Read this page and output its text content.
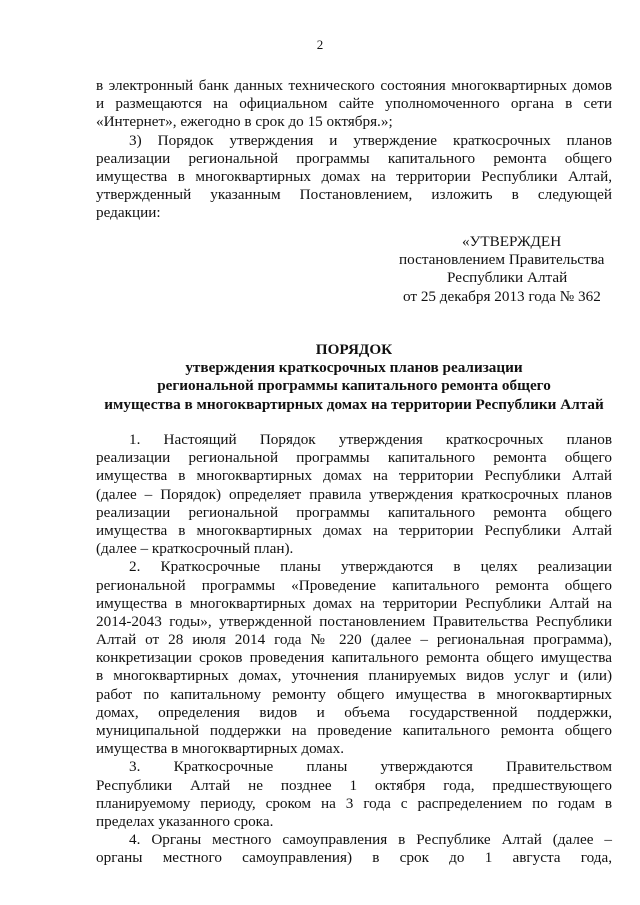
2
в электронный банк данных технического состояния многоквартирных домов
и размещаются на официальном сайте уполномоченного органа в сети
«Интернет», ежегодно в срок до 15 октября.»;
3) Порядок утверждения и утверждение краткосрочных планов
реализации региональной программы капитального ремонта общего
имущества в многоквартирных домах на территории Республики Алтай,
утвержденный указанным Постановлением, изложить в следующей
редакции:
«УТВЕРЖДЕН
постановлением Правительства
Республики Алтай
от 25 декабря 2013 года № 362
ПОРЯДОК
утверждения краткосрочных планов реализации
региональной программы капитального ремонта общего
имущества в многоквартирных домах на территории Республики Алтай
1. Настоящий Порядок утверждения краткосрочных планов
реализации региональной программы капитального ремонта общего
имущества в многоквартирных домах на территории Республики Алтай
(далее – Порядок) определяет правила утверждения краткосрочных планов
реализации региональной программы капитального ремонта общего
имущества в многоквартирных домах на территории Республики Алтай
(далее – краткосрочный план).
2. Краткосрочные планы утверждаются в целях реализации
региональной программы «Проведение капитального ремонта общего
имущества в многоквартирных домах на территории Республики Алтай на
2014-2043 годы», утвержденной постановлением Правительства Республики
Алтай от 28 июля 2014 года № 220 (далее – региональная программа),
конкретизации сроков проведения капитального ремонта общего имущества
в многоквартирных домах, уточнения планируемых видов услуг и (или)
работ по капитальному ремонту общего имущества в многоквартирных
домах, определения видов и объема государственной поддержки,
муниципальной поддержки на проведение капитального ремонта общего
имущества в многоквартирных домах.
3. Краткосрочные планы утверждаются Правительством
Республики Алтай не позднее 1 октября года, предшествующего
планируемому периоду, сроком на 3 года с распределением по годам в
пределах указанного срока.
4. Органы местного самоуправления в Республике Алтай (далее –
органы местного самоуправления) в срок до 1 августа года,
